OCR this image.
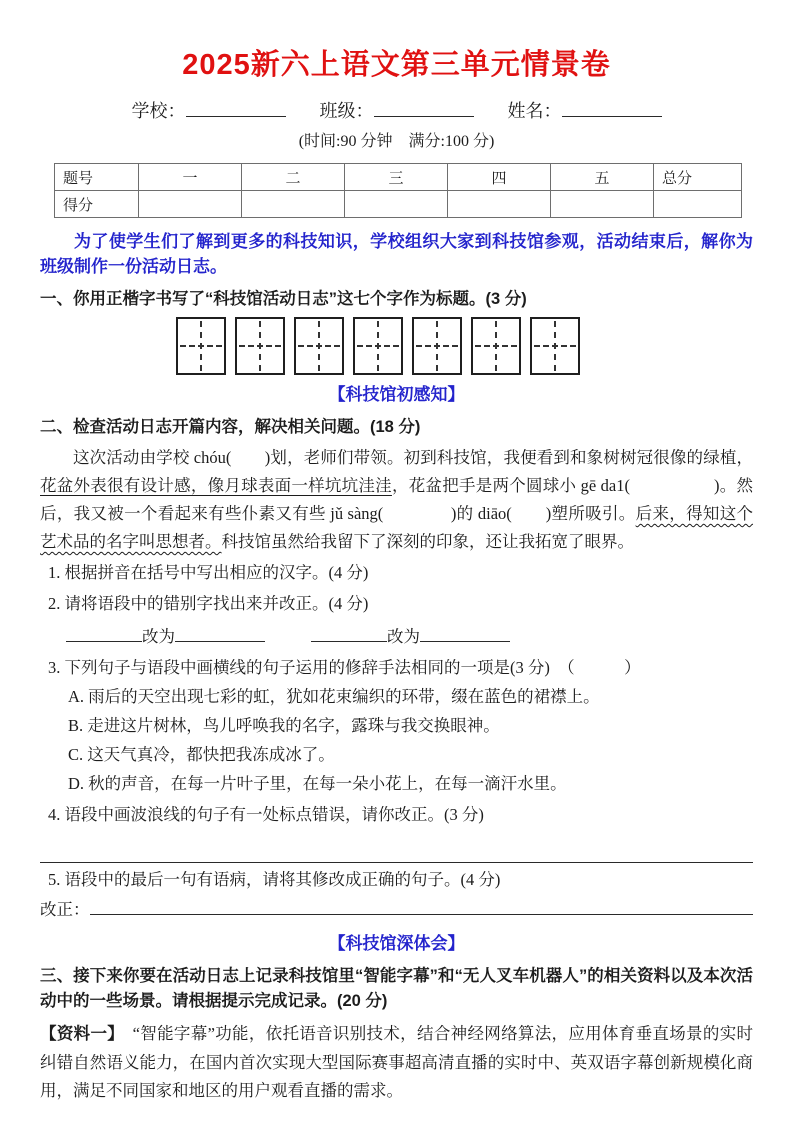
2025新六上语文第三单元情景卷
学校：	班级：	姓名：
(时间:90 分钟　满分:100 分)
题号	一	二	三	四	五	总分
得分						
为了使学生们了解到更多的科技知识，学校组织大家到科技馆参观，活动结束后，解你为班级制作一份活动日志。
一、你用正楷字书写了“科技馆活动日志”这七个字作为标题。(3 分)
【科技馆初感知】
二、检查活动日志开篇内容，解决相关问题。(18 分)
这次活动由学校 chóu(　　)划，老师们带领。初到科技馆，我便看到和象树树冠很像的绿植，花盆外表很有设计感，像月球表面一样坑坑洼洼，花盆把手是两个圆球小 gē da1(　　　　　)。然后，我又被一个看起来有些仆素又有些 jǔ sàng(　　　　)的 diāo(　　)塑所吸引。后来，得知这个艺术品的名字叫思想者。科技馆虽然给我留下了深刻的印象，还让我拓宽了眼界。
1. 根据拼音在括号中写出相应的汉字。(4 分)
2. 请将语段中的错别字找出来并改正。(4 分)
改为	改为
3. 下列句子与语段中画横线的句子运用的修辞手法相同的一项是(3 分)　（　　　）
A. 雨后的天空出现七彩的虹，犹如花束编织的环带，缀在蓝色的裙襟上。
B. 走进这片树林，鸟儿呼唤我的名字，露珠与我交换眼神。
C. 这天气真冷，都快把我冻成冰了。
D. 秋的声音，在每一片叶子里，在每一朵小花上，在每一滴汗水里。
4. 语段中画波浪线的句子有一处标点错误，请你改正。(3 分)
5. 语段中的最后一句有语病，请将其修改成正确的句子。(4 分)
改正：
【科技馆深体会】
三、接下来你要在活动日志上记录科技馆里“智能字幕”和“无人叉车机器人”的相关资料以及本次活动中的一些场景。请根据提示完成记录。(20 分)
【资料一】　“智能字幕”功能，依托语音识别技术，结合神经网络算法，应用体育垂直场景的实时纠错自然语义能力，在国内首次实现大型国际赛事超高清直播的实时中、英双语字幕创新规模化商用，满足不同国家和地区的用户观看直播的需求。
